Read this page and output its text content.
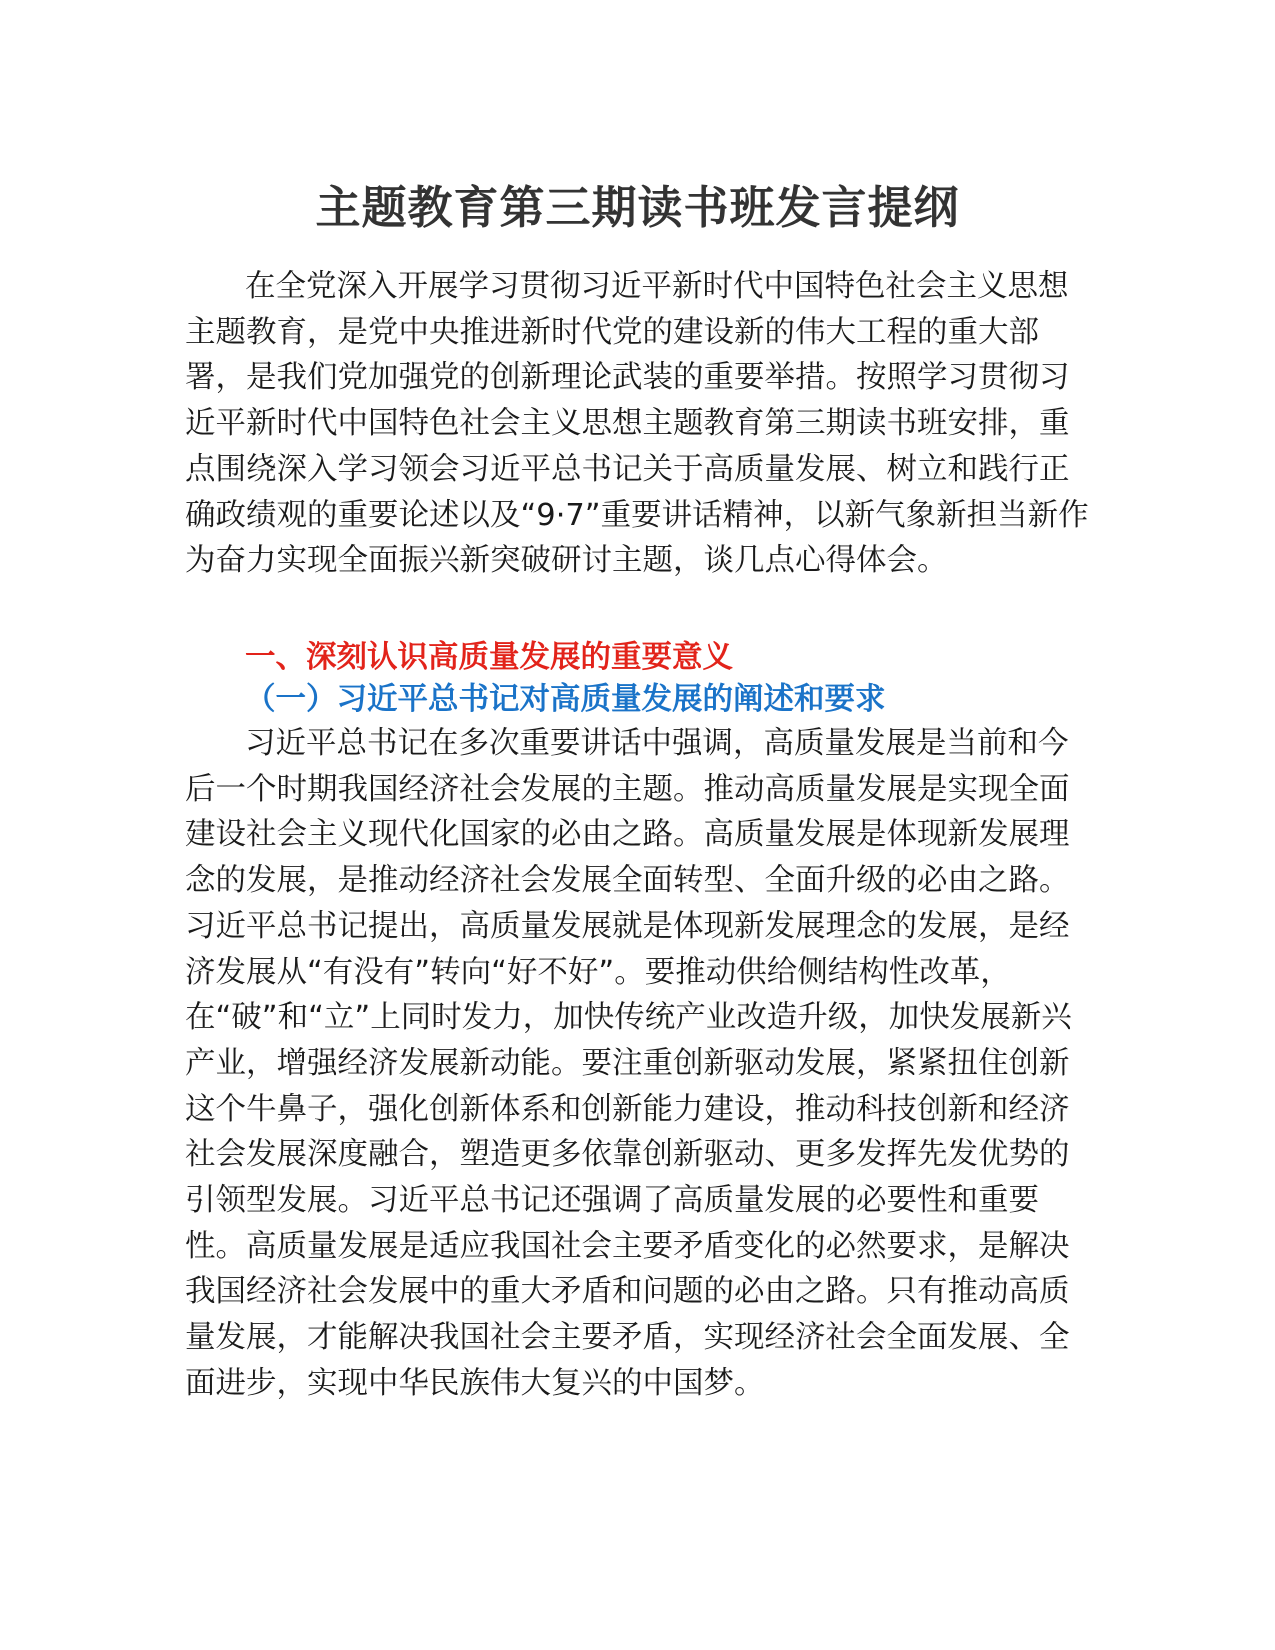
主题教育第三期读书班发言提纲

在全党深入开展学习贯彻习近平新时代中国特色社会主义思想主题教育，是党中央推进新时代党的建设新的伟大工程的重大部署，是我们党加强党的创新理论武装的重要举措。按照学习贯彻习近平新时代中国特色社会主义思想主题教育第三期读书班安排，重点围绕深入学习领会习近平总书记关于高质量发展、树立和践行正确政绩观的重要论述以及“9·7”重要讲话精神，以新气象新担当新作为奋力实现全面振兴新突破研讨主题，谈几点心得体会。

一、深刻认识高质量发展的重要意义
（一）习近平总书记对高质量发展的阐述和要求

习近平总书记在多次重要讲话中强调，高质量发展是当前和今后一个时期我国经济社会发展的主题。推动高质量发展是实现全面建设社会主义现代化国家的必由之路。高质量发展是体现新发展理念的发展，是推动经济社会发展全面转型、全面升级的必由之路。习近平总书记提出，高质量发展就是体现新发展理念的发展，是经济发展从“有没有”转向“好不好”。要推动供给侧结构性改革，在“破”和“立”上同时发力，加快传统产业改造升级，加快发展新兴产业，增强经济发展新动能。要注重创新驱动发展，紧紧扭住创新这个牛鼻子，强化创新体系和创新能力建设，推动科技创新和经济社会发展深度融合，塑造更多依靠创新驱动、更多发挥先发优势的引领型发展。习近平总书记还强调了高质量发展的必要性和重要性。高质量发展是适应我国社会主要矛盾变化的必然要求，是解决我国经济社会发展中的重大矛盾和问题的必由之路。只有推动高质量发展，才能解决我国社会主要矛盾，实现经济社会全面发展、全面进步，实现中华民族伟大复兴的中国梦。
